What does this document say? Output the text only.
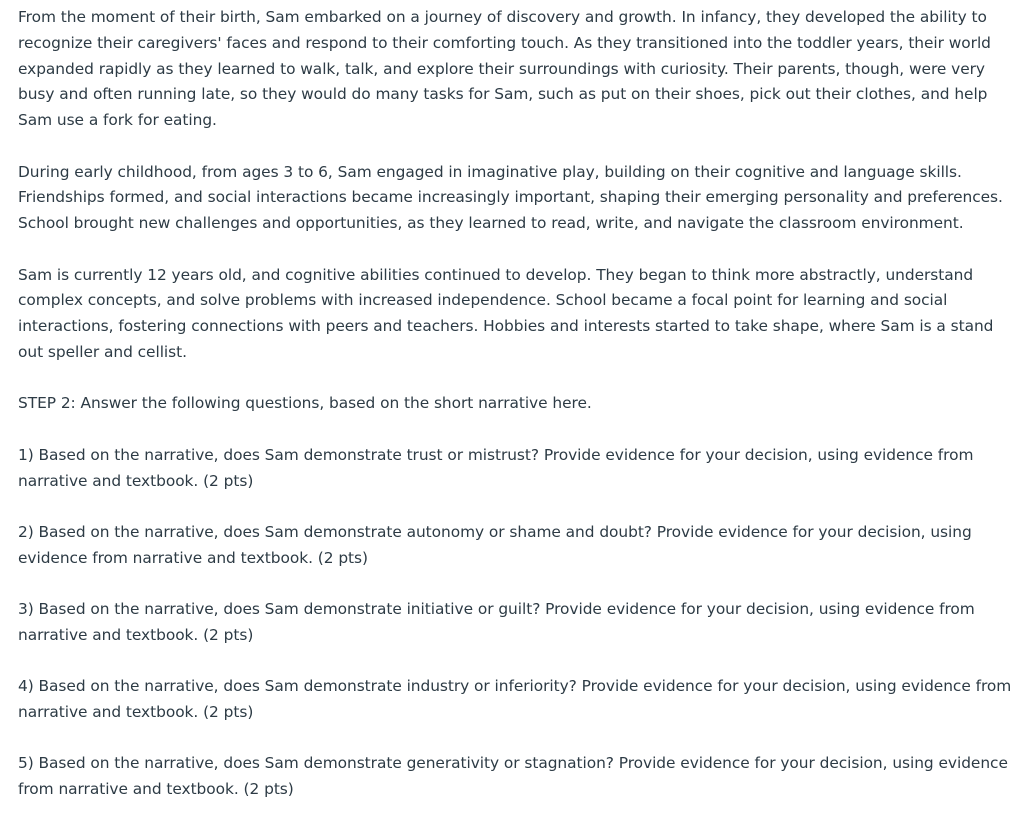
From the moment of their birth, Sam embarked on a journey of discovery and growth. In infancy, they developed the ability to recognize their caregivers' faces and respond to their comforting touch. As they transitioned into the toddler years, their world expanded rapidly as they learned to walk, talk, and explore their surroundings with curiosity. Their parents, though, were very busy and often running late, so they would do many tasks for Sam, such as put on their shoes, pick out their clothes, and help Sam use a fork for eating.

During early childhood, from ages 3 to 6, Sam engaged in imaginative play, building on their cognitive and language skills. Friendships formed, and social interactions became increasingly important, shaping their emerging personality and preferences. School brought new challenges and opportunities, as they learned to read, write, and navigate the classroom environment.

Sam is currently 12 years old, and cognitive abilities continued to develop. They began to think more abstractly, understand complex concepts, and solve problems with increased independence. School became a focal point for learning and social interactions, fostering connections with peers and teachers. Hobbies and interests started to take shape, where Sam is a stand out speller and cellist.

STEP 2: Answer the following questions, based on the short narrative here.

1) Based on the narrative, does Sam demonstrate trust or mistrust? Provide evidence for your decision, using evidence from narrative and textbook. (2 pts)

2) Based on the narrative, does Sam demonstrate autonomy or shame and doubt? Provide evidence for your decision, using evidence from narrative and textbook. (2 pts)

3) Based on the narrative, does Sam demonstrate initiative or guilt? Provide evidence for your decision, using evidence from narrative and textbook. (2 pts)

4) Based on the narrative, does Sam demonstrate industry or inferiority? Provide evidence for your decision, using evidence from narrative and textbook. (2 pts)

5) Based on the narrative, does Sam demonstrate generativity or stagnation? Provide evidence for your decision, using evidence from narrative and textbook. (2 pts)
